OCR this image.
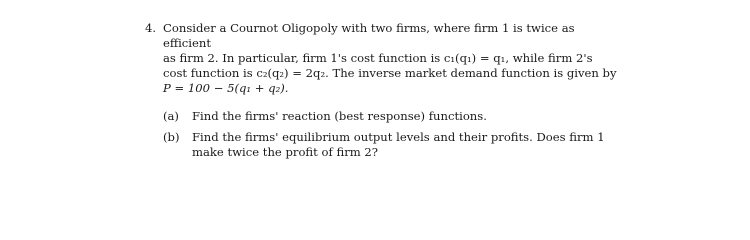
4. Consider a Cournot Oligopoly with two firms, where firm 1 is twice as efficient

as firm 2. In particular, firm 1's cost function is c₁(q₁) = q₁, while firm 2's

cost function is c₂(q₂) = 2q₂. The inverse market demand function is given by

P = 100 − 5(q₁ + q₂).

(a)	Find the firms' reaction (best response) functions.
(b)	Find the firms' equilibrium output levels and their profits. Does firm 1
make twice the profit of firm 2?
